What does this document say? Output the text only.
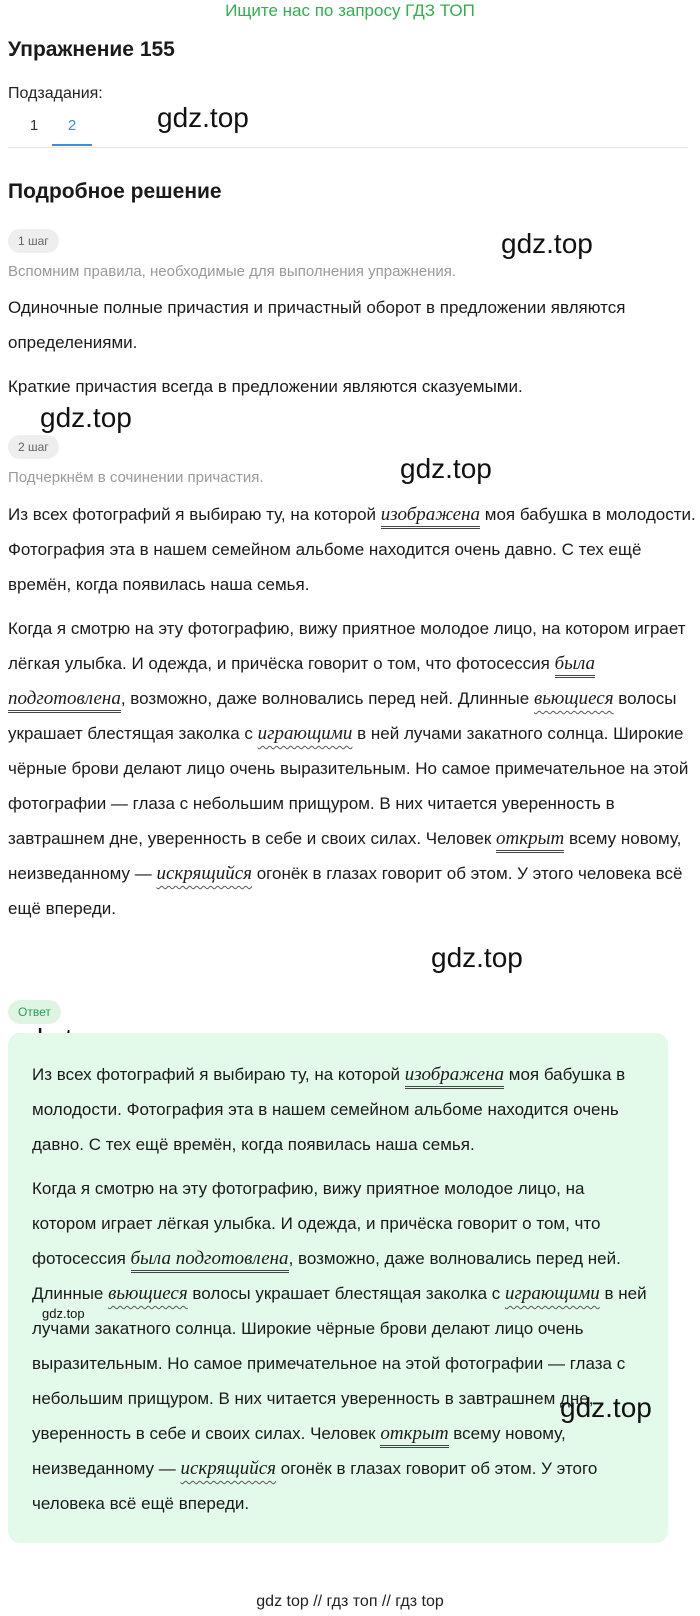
Ищите нас по запросу ГДЗ ТОП
Упражнение 155
Подзадания:
1	2	gdz.top
Подробное решение
gdz.top
1 шаг
Вспомним правила, необходимые для выполнения упражнения.

Одиночные полные причастия и причастный оборот в предложении являются определениями.

Краткие причастия всегда в предложении являются сказуемыми.

gdz.top
2 шаг
gdz.top
Подчеркнём в сочинении причастия.

Из всех фотографий я выбираю ту, на которой изображена моя бабушка в молодости. Фотография эта в нашем семейном альбоме находится очень давно. С тех ещё времён, когда появилась наша семья.

Когда я смотрю на эту фотографию, вижу приятное молодое лицо, на котором играет лёгкая улыбка. И одежда, и причёска говорит о том, что фотосессия была подготовлена, возможно, даже волновались перед ней. Длинные вьющиеся волосы украшает блестящая заколка с играющими в ней лучами закатного солнца. Широкие чёрные брови делают лицо очень выразительным. Но самое примечательное на этой фотографии — глаза с небольшим прищуром. В них читается уверенность в завтрашнем дне, уверенность в себе и своих силах. Человек открыт всему новому, неизведанному — искрящийся огонёк в глазах говорит об этом. У этого человека всё ещё впереди.

gdz.top
Ответ

Из всех фотографий я выбираю ту, на которой изображена моя бабушка в молодости. Фотография эта в нашем семейном альбоме находится очень давно. С тех ещё времён, когда появилась наша семья.

Когда я смотрю на эту фотографию, вижу приятное молодое лицо, на котором играет лёгкая улыбка. И одежда, и причёска говорит о том, что фотосессия была подготовлена, возможно, даже волновались перед ней. Длинные вьющиеся волосы украшает блестящая заколка с играющими в ней лучами закатного солнца. Широкие чёрные брови делают лицо очень выразительным. Но самое примечательное на этой фотографии — глаза с небольшим прищуром. В них читается уверенность в завтрашнем дне, уверенность в себе и своих силах. Человек открыт всему новому, неизведанному — искрящийся огонёк в глазах говорит об этом. У этого человека всё ещё впереди.

gdz.top
gdz.top
gdz top // гдз топ // гдз top
